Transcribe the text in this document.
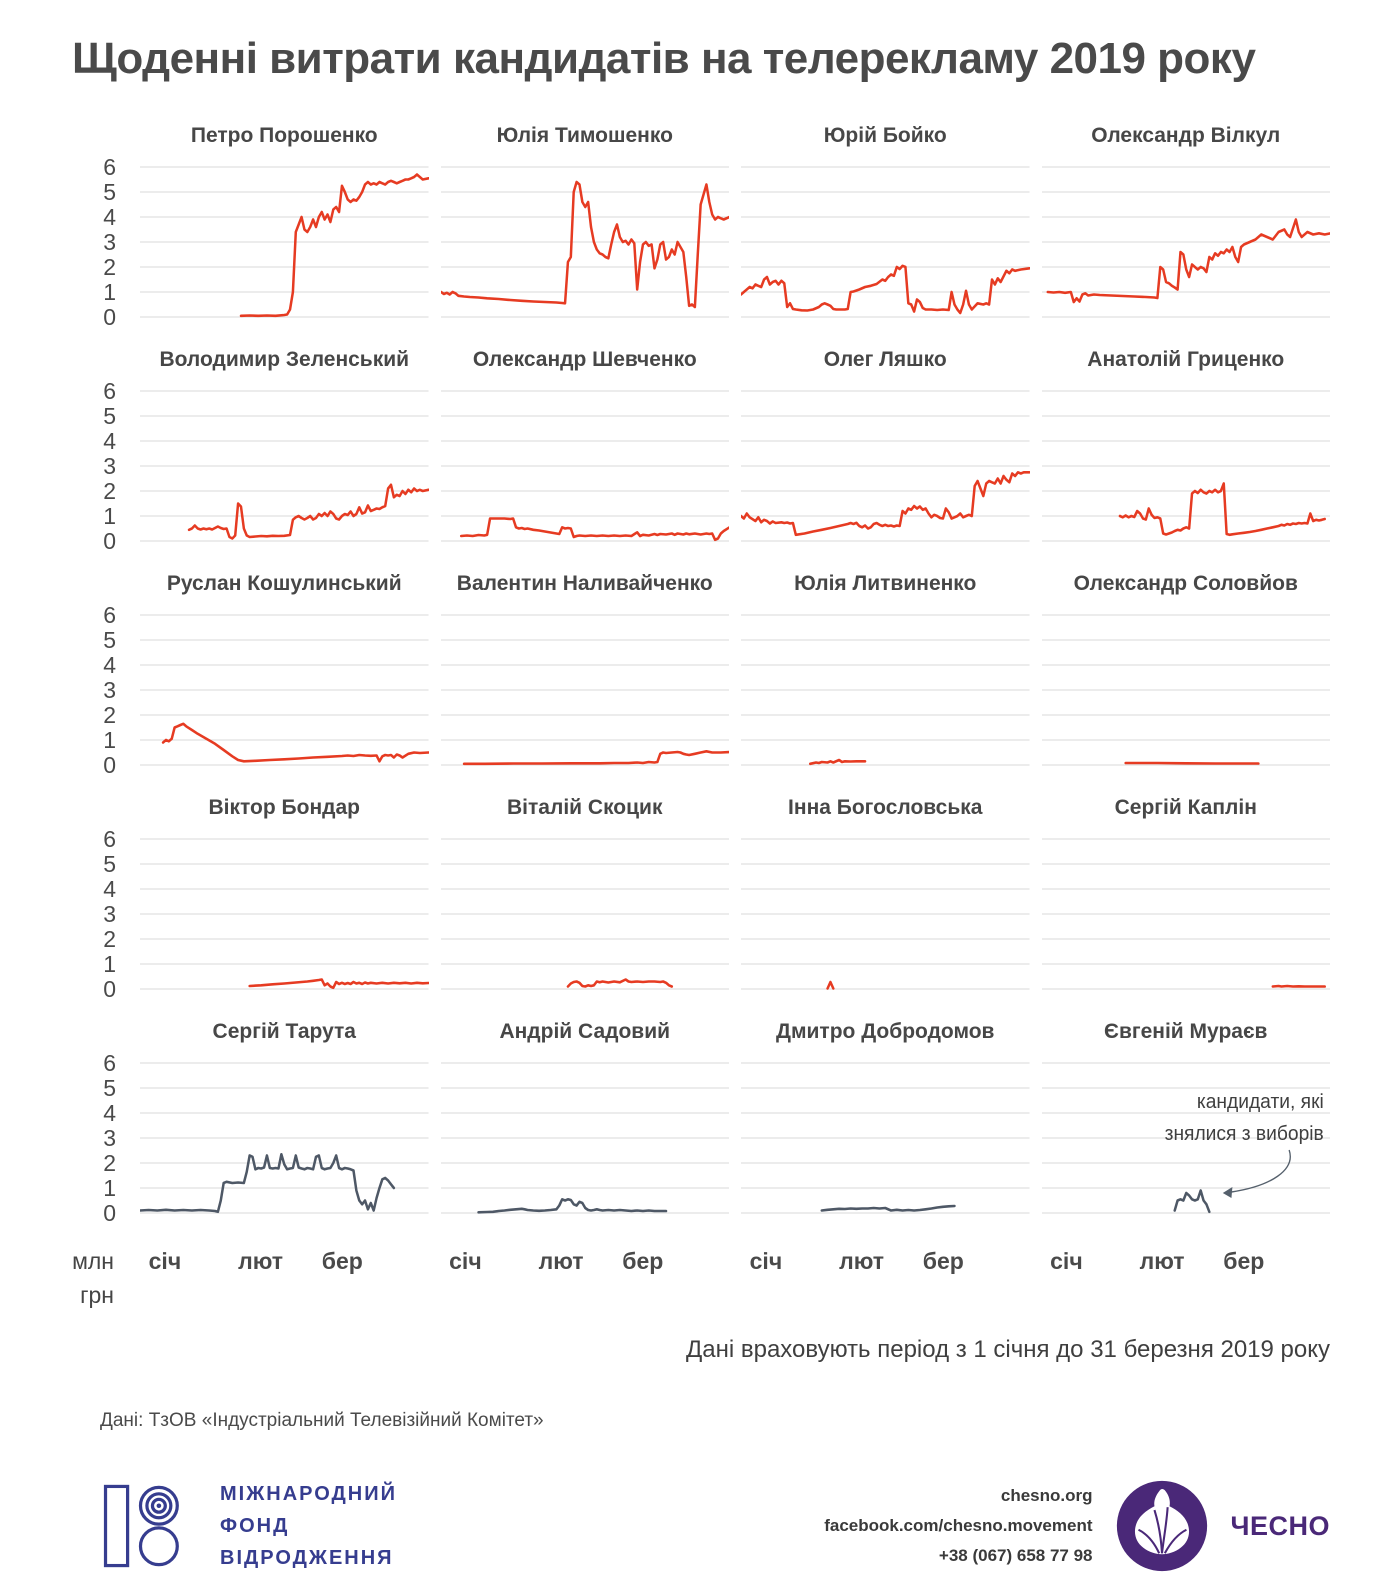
Щоденні витрати кандидатів на телерекламу 2019 року
6
5
4
3
2
1
0
Петро Порошенко	Юлія Тимошенко	Юрій Бойко	Олександр Вілкул
6
5
4
3
2
1
0
Володимир Зеленський	Олександр Шевченко	Олег Ляшко	Анатолій Гриценко
6
5
4
3
2
1
0
Руслан Кошулинський	Валентин Наливайченко	Юлія Литвиненко	Олександр Соловйов
6
5
4
3
2
1
0
Віктор Бондар	Віталій Скоцик	Інна Богословська	Сергій Каплін
6
5
4
3
2
1
0
Сергій Тарута	Андрій Садовий	Дмитро Добродомов	Євгеній Мураєв
кандидати, які
знялися з виборів
млн
грн
січ лют бер	січ лют бер	січ лют бер	січ лют бер
Дані враховують період з 1 січня до 31 березня 2019 року
Дані: ТзОВ «Індустріальний Телевізійний Комітет»
МІЖНАРОДНИЙ
ФОНД
ВІДРОДЖЕННЯ
chesno.org
facebook.com/chesno.movement
+38 (067) 658 77 98
ЧЕСНО
